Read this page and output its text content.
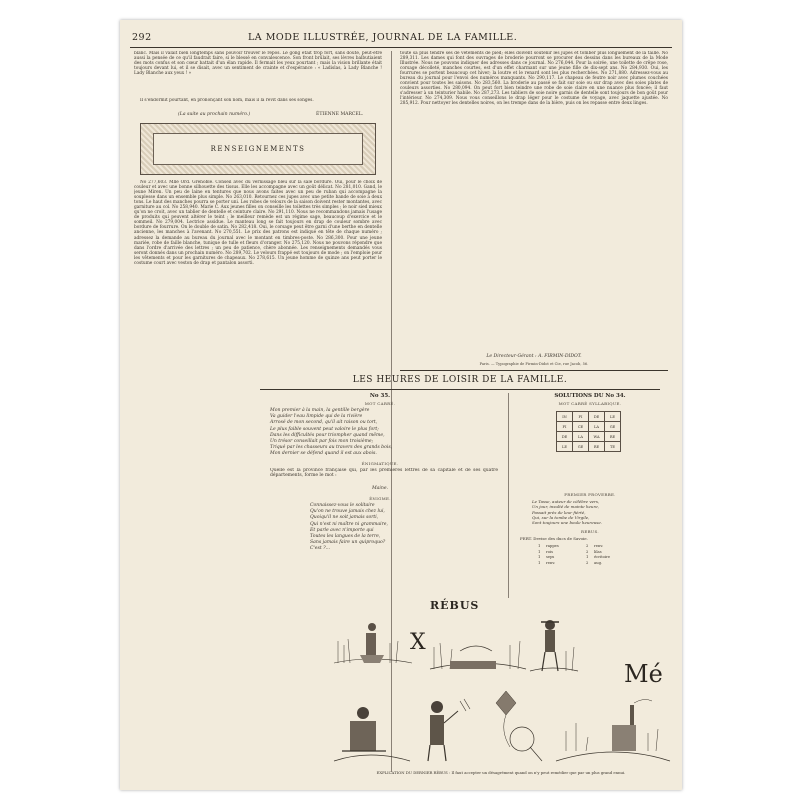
292	LA MODE ILLUSTRÉE, JOURNAL DE LA FAMILLE.
blanc. Mais il valait bien longtemps sans pouvoir trouver le repos. Le gong était trop fort, sans doute, peut-être aussi la pensée de ce qu'il faudrait faire, si le blessé en convalescence. Son front brûlait, ses lèvres balbutiaient des mots confus et son cœur battait d'un élan rapide. Il fermait les yeux pourtant ; mais la vision brillante était toujours devant lui, et il se disait, avec un sentiment de crainte et d'espérance : « Ladislas, à Lady Blanche ! Lady Blanche aux yeux ! »
Il s'endormit pourtant, en prononçant son nom, mais il la revit dans ses songes.
(La suite au prochain numéro.)	ÉTIENNE MARCEL.
RENSEIGNEMENTS
No 277,603. Mlle Ord. Grenoble. Conseil avec du vernissage bleu sur la sale bordure. Oui, pour le choix de couleur et avec une bonne silhouette des tissus. Elle les accompagne avec un goût délicat. No 281,010. Gand, le jeune Miren. Un peu de laine en tentures que nous avons faites avec un peu de ruban qui accompagne la souplesse dans un ensemble plus simple. No 263,010. Retournez ces jupes avec une petite bande de soie à deux tons. Le haut des manches pourra se porter uni. Les robes de velours de la saison doivent rester montantes, avec garniture au col. No 258,940. Marie C. Aux jeunes filles on conseille les toilettes très simples ; le noir sied mieux qu'on ne croit, avec un tablier de dentelle et ceinture claire. No 291,110. Nous ne recommandons jamais l'usage de produits qui peuvent altérer le teint ; le meilleur remède est un régime sage, beaucoup d'exercice et le sommeil. No 279,004. Lectrice assidue. Le manteau long se fait toujours en drap de couleur sombre avec bordure de fourrure. On le double de satin. No 282,418. Oui, le corsage peut être garni d'une berthe en dentelle ancienne, les manches à l'avenant. No 270,551. Le prix des patrons est indiqué en tête de chaque numéro ; adressez la demande au bureau du journal avec le montant en timbres-poste. No 286,300. Pour une jeune mariée, robe de faille blanche, tunique de tulle et fleurs d'oranger. No 275,120. Nous ne pouvons répondre que dans l'ordre d'arrivée des lettres ; un peu de patience, chère abonnée. Les renseignements demandés vous seront donnés dans un prochain numéro. No 289,702. Le velours frappé est toujours de mode ; on l'emploie pour les vêtements et pour les garnitures de chapeaux. No 278,615. Un jeune homme de quinze ans peut porter le costume court avec veston de drap et pantalon assorti.
toute sa plus tendre ses de vêtements de pied; elles doivent soutenir les jupes et tomber plus longuement de la taille. No 289,311. Les dames qui font des ouvrages de broderie pourront se procurer des dessins dans les bureaux de la Mode Illustrée. Nous ne pouvons indiquer des adresses dans ce journal. No 276,044. Pour la soirée, une toilette de crêpe rose, corsage décolleté, manches courtes, est d'un effet charmant sur une jeune fille de dix-sept ans. No 284,930. Oui, les fourrures se portent beaucoup cet hiver; la loutre et le renard sont les plus recherchées. No 271,880. Adressez-vous au bureau du journal pour l'envoi des numéros manquants. No 290,117. Le chapeau de feutre noir avec plumes couchées convient pour toutes les saisons. No 283,560. La broderie au passé se fait sur soie ou sur drap avec des soies plates de couleurs assorties. No 280,094. On peut fort bien teindre une robe de soie claire en une nuance plus foncée; il faut s'adresser à un teinturier habile. No 287,273. Les tabliers de soie noire garnis de dentelle sont toujours de bon goût pour l'intérieur. No 274,309. Nous vous conseillons le drap léger pour le costume de voyage, avec jaquette ajustée. No 285,912. Pour nettoyer les dentelles noires, on les trempe dans de la bière, puis on les repasse entre deux linges.
Le Directeur-Gérant : A. FIRMIN-DIDOT.
Paris. — Typographie de Firmin-Didot et Cie, rue Jacob, 56.
LES HEURES DE LOISIR DE LA FAMILLE.
No 35.
MOT CARRÉ.
Mon premier à la main, la gentille bergère
Va guider l'eau limpide qui de la rivière
Arrosé de mon second, qu'il ait raison ou tort,
Le plus faible souvent peut valoire le plus fort;
Dans les difficultés pour triompher quand même,
Un trésor conseillait par fois mon troisième;
Triqué par les chasseurs au travers des grands bois,
Mon dernier se défend quand il est aux abois.
ÉNIGMATIQUE.
Quelle est la province française qui, par les premières lettres de sa capitale et de ses quatre départements, forme le mot :
Maine.
ÉNIGME.
Connaissez-vous le solitaire
Qu'on ne trouve jamais chez lui,
Quoiqu'il ne soit jamais sorti,
Qui n'est ni maître ni grammaire,
Et parle avec n'importe qui
Toutes les langues de la terre,
Sans jamais faire un quiproquo?
C'est ?...
SOLUTIONS DU No 34.
MOT CARRÉ SYLLABIQUE.
IN	FI	DE	LE
FI	CE	LA	GE
DE	LA	WA	RE
LE	GE	RE	TE
PREMIER PROVERBE.
Le Tasse, auteur de célèbre vers,
Un jour, insulté de mainte heure,
Passait près de leur fiérté,
Qui, sur la tombe de Virgile,
Sont toujours une boule heureuse.
REBUS.
FERT. Devise des ducs de Savoie.
1 rappes	2 renv.
1 rois	2 lilas
1 seps	1 écritoire
1 renv.	2 aug.
RÉBUS
X
Mé
EXPLICATION DU DERNIER RÉBUS : Il faut accepter un désagrément quand on n'y peut remédier que par un plus grand ennui.
